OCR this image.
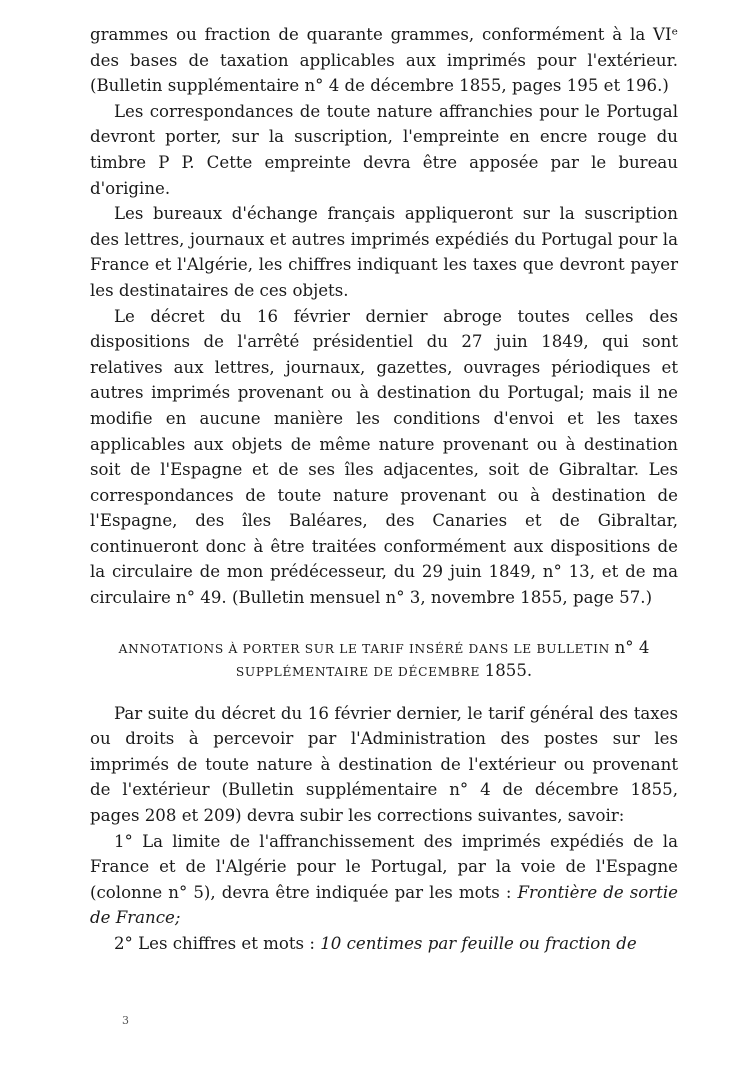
grammes ou fraction de quarante grammes, conformément à la VIᵉ des bases de taxation applicables aux imprimés pour l'extérieur. (Bulletin supplémentaire n° 4 de décembre 1855, pages 195 et 196.)

Les correspondances de toute nature affranchies pour le Portugal devront porter, sur la suscription, l'empreinte en encre rouge du timbre P P. Cette empreinte devra être apposée par le bureau d'origine.

Les bureaux d'échange français appliqueront sur la suscription des lettres, journaux et autres imprimés expédiés du Portugal pour la France et l'Algérie, les chiffres indiquant les taxes que devront payer les destinataires de ces objets.

Le décret du 16 février dernier abroge toutes celles des dispositions de l'arrêté présidentiel du 27 juin 1849, qui sont relatives aux lettres, journaux, gazettes, ouvrages périodiques et autres imprimés provenant ou à destination du Portugal; mais il ne modifie en aucune manière les conditions d'envoi et les taxes applicables aux objets de même nature provenant ou à destination soit de l'Espagne et de ses îles adjacentes, soit de Gibraltar. Les correspondances de toute nature provenant ou à destination de l'Espagne, des îles Baléares, des Canaries et de Gibraltar, continueront donc à être traitées conformément aux dispositions de la circulaire de mon prédécesseur, du 29 juin 1849, n° 13, et de ma circulaire n° 49. (Bulletin mensuel n° 3, novembre 1855, page 57.)

ANNOTATIONS À PORTER SUR LE TARIF INSÉRÉ DANS LE BULLETIN n° 4
SUPPLÉMENTAIRE DE DÉCEMBRE 1855.

Par suite du décret du 16 février dernier, le tarif général des taxes ou droits à percevoir par l'Administration des postes sur les imprimés de toute nature à destination de l'extérieur ou provenant de l'extérieur (Bulletin supplémentaire n° 4 de décembre 1855, pages 208 et 209) devra subir les corrections suivantes, savoir:

1° La limite de l'affranchissement des imprimés expédiés de la France et de l'Algérie pour le Portugal, par la voie de l'Espagne (colonne n° 5), devra être indiquée par les mots : Frontière de sortie de France;

2° Les chiffres et mots : 10 centimes par feuille ou fraction de

3
